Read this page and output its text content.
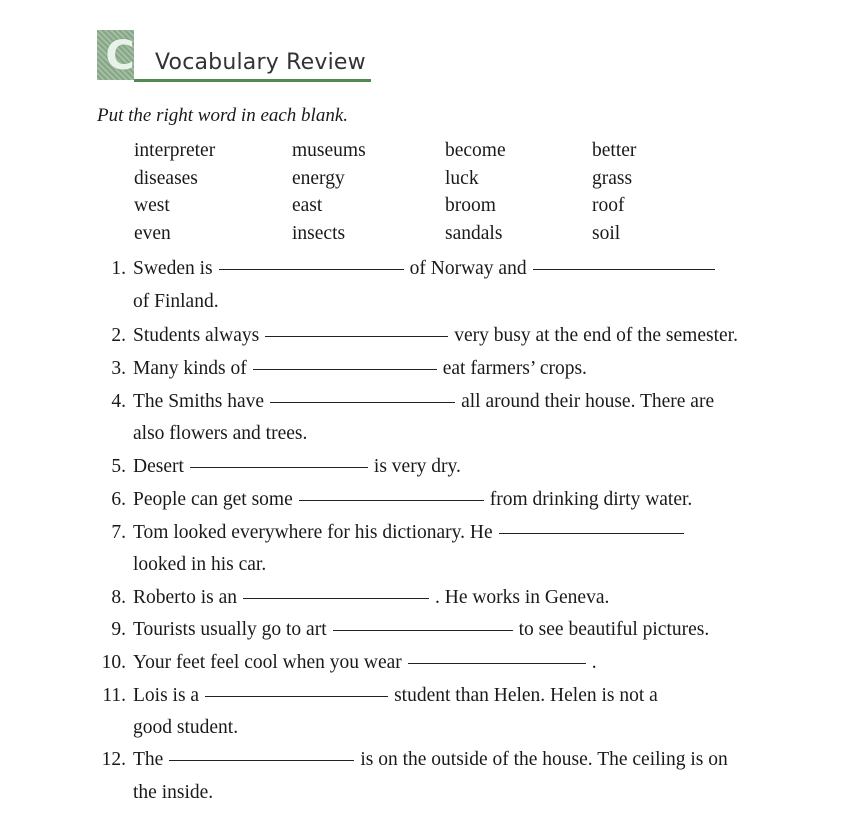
C Vocabulary Review
Put the right word in each blank.
interpreter	museums	become	better
diseases	energy	luck	grass
west	east	broom	roof
even	insects	sandals	soil
1. Sweden is	of Norway and
of Finland.
2. Students always	very busy at the end of the semester.
3. Many kinds of	eat farmers’ crops.
4. The Smiths have	all around their house. There are
also flowers and trees.
5. Desert	is very dry.
6. People can get some	from drinking dirty water.
7. Tom looked everywhere for his dictionary. He
looked in his car.
8. Roberto is an	. He works in Geneva.
9. Tourists usually go to art	to see beautiful pictures.
10. Your feet feel cool when you wear	.
11. Lois is a	student than Helen. Helen is not a
good student.
12. The	is on the outside of the house. The ceiling is on
the inside.
